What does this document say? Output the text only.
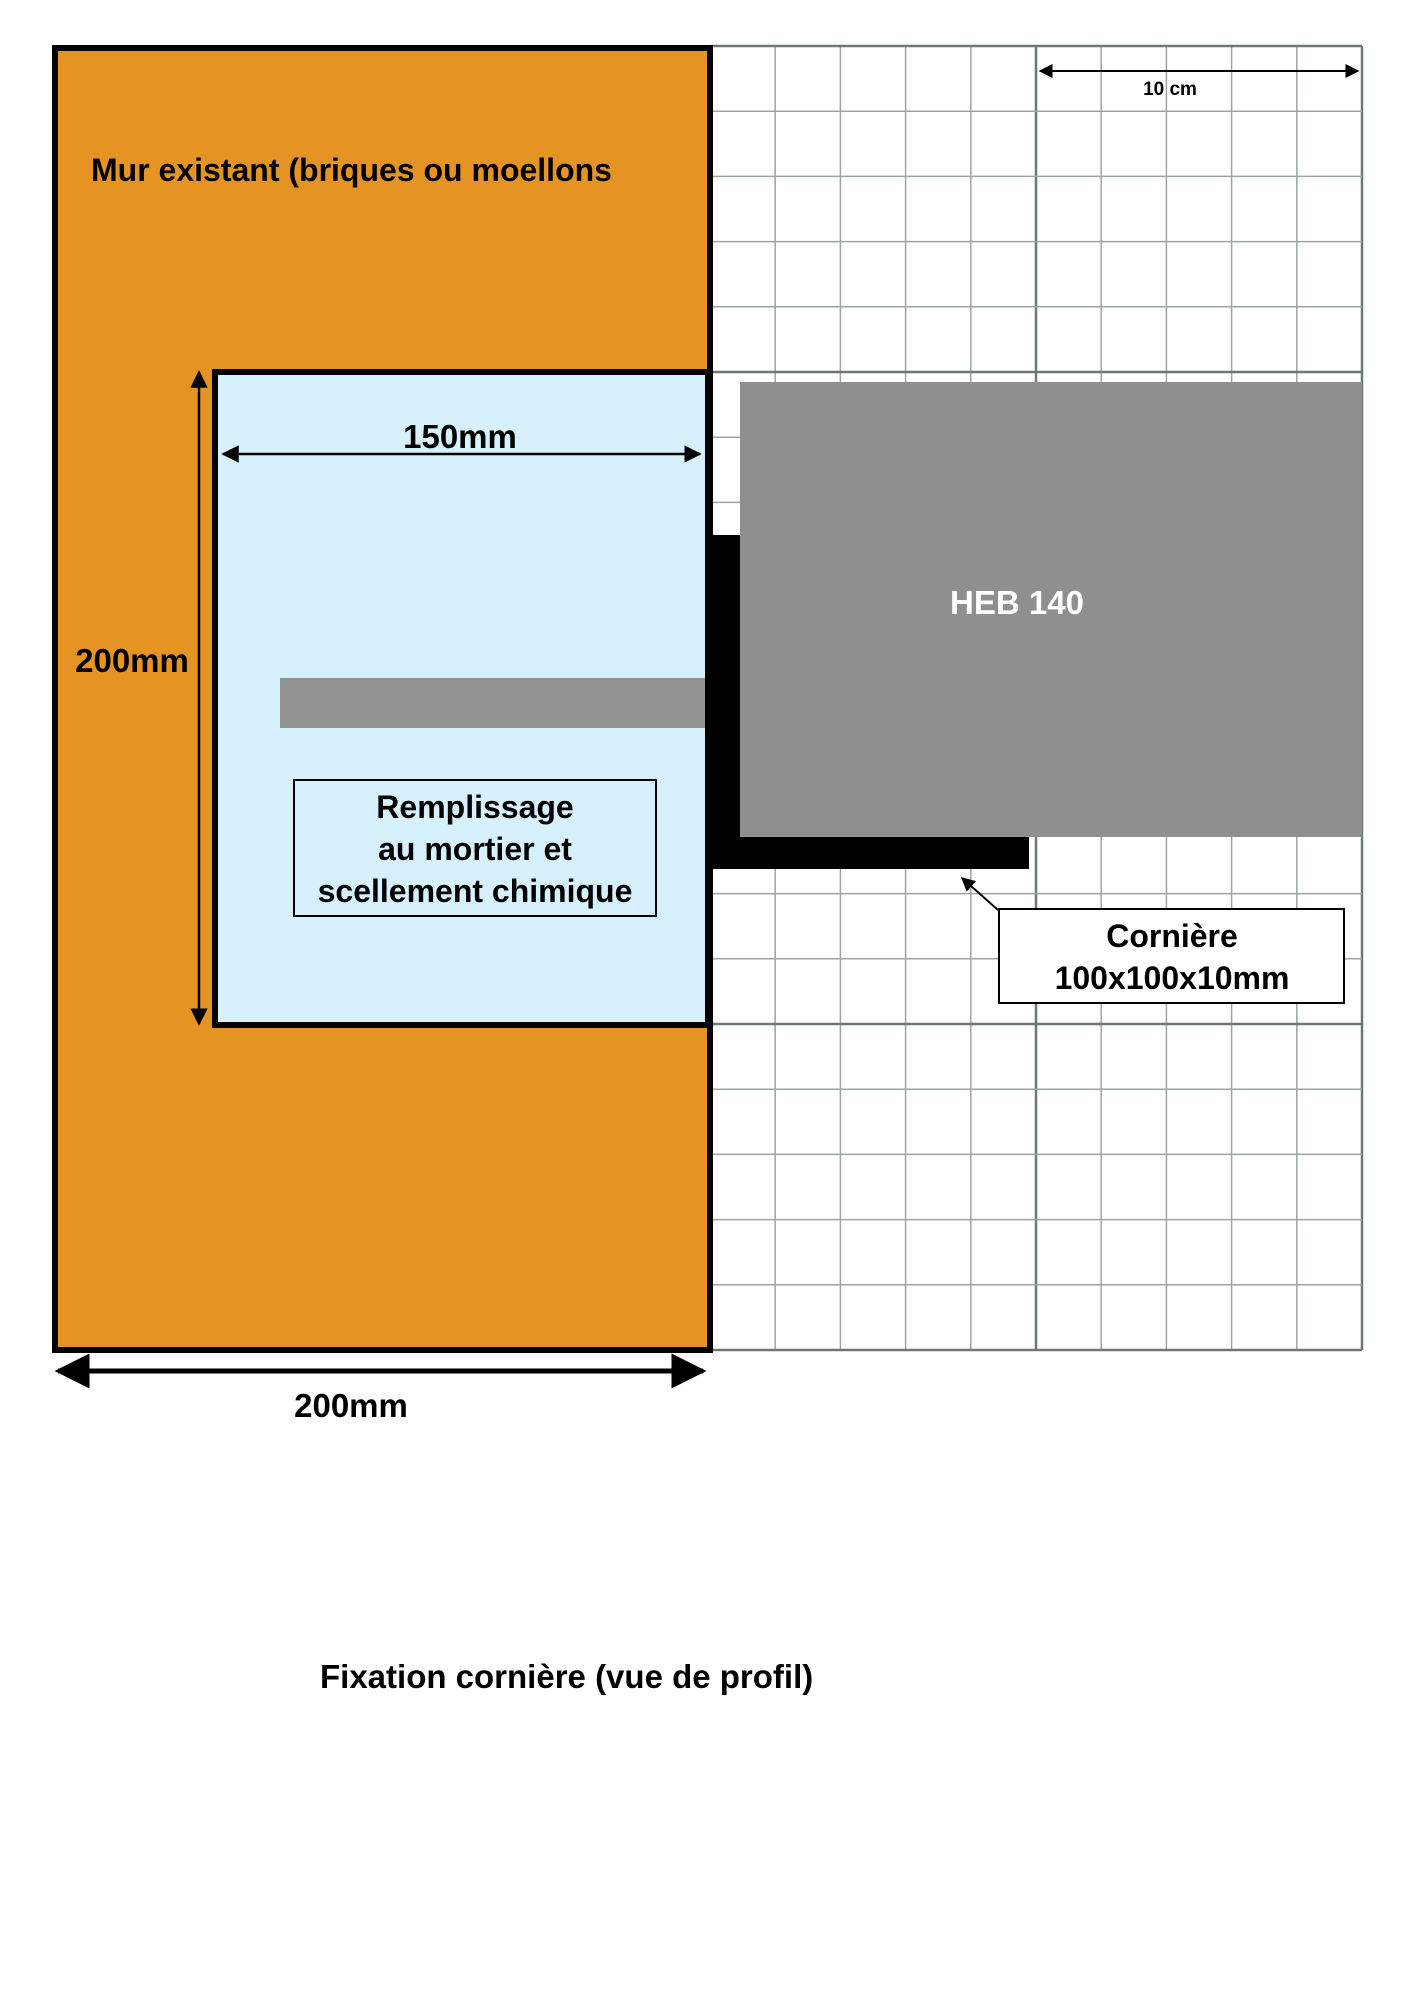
Mur existant (briques ou moellons
HEB 140
10 cm
150mm
200mm
200mm
Remplissage
au mortier et
scellement chimique
Cornière
100x100x10mm
Fixation cornière (vue de profil)
